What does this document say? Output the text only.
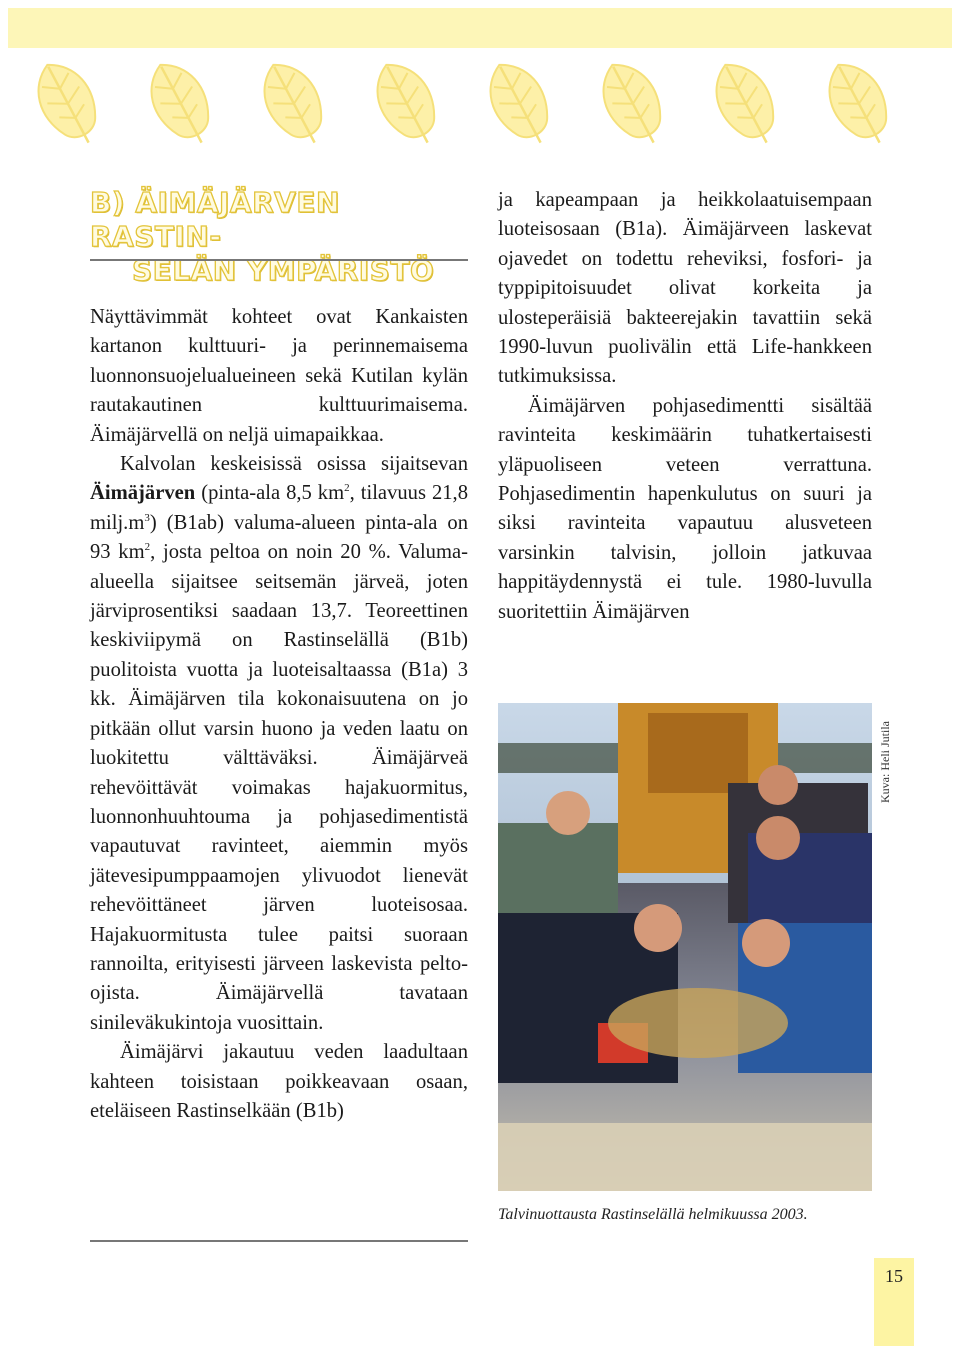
B) ÄIMÄJÄRVEN RASTIN-
SELÄN YMPÄRISTÖ

Näyttävimmät kohteet ovat Kankaisten kartanon kulttuuri- ja perinnemaisema luonnonsuojelualueineen sekä Kutilan kylän rautakautinen kulttuurimaisema. Äimäjärvellä on neljä uimapaikkaa.

Kalvolan keskeisissä osissa sijaitsevan Äimäjärven (pinta-ala 8,5 $km^2$, tilavuus 21,8 $milj.m^3$) (B1ab) valuma-alueen pinta-ala on 93 $km^2$, josta peltoa on noin 20 %. Valuma-alueella sijaitsee seitsemän järveä, joten järviprosentiksi saadaan 13,7. Teoreettinen keskiviipymä on Rastinselällä (B1b) puolitoista vuotta ja luoteisaltaassa (B1a) 3 kk. Äimäjärven tila kokonaisuutena on jo pitkään ollut varsin huono ja veden laatu on luokitettu välttäväksi. Äimäjärveä rehevöittävät voimakas hajakuormitus, luonnonhuuhtouma ja pohjasedimentistä vapautuvat ravinteet, aiemmin myös jätevesipumppaamojen ylivuodot lienevät rehevöittäneet järven luoteisosaa. Hajakuormitusta tulee paitsi suoraan rannoilta, erityisesti järveen laskevista pelto-ojista. Äimäjärvellä tavataan sinileväkukintoja vuosittain.

Äimäjärvi jakautuu veden laadultaan kahteen toisistaan poikkeavaan osaan, eteläiseen Rastinselkään (B1b)

ja kapeampaan ja heikkolaatuisempaan luoteisosaan (B1a). Äimäjärveen laskevat ojavedet on todettu reheviksi, fosfori- ja typpipitoisuudet olivat korkeita ja ulosteperäisiä bakteerejakin tavattiin sekä 1990-luvun puolivälin että Life-hankkeen tutkimuksissa.

Äimäjärven pohjasedimentti sisältää ravinteita keskimäärin tuhatkertaisesti yläpuoliseen veteen verrattuna. Pohjasedimentin hapenkulutus on suuri ja siksi ravinteita vapautuu alusveteen varsinkin talvisin, jolloin jatkuvaa happitäydennystä ei tule. 1980-luvulla suoritettiin Äimäjärven

Kuva: Heli Jutila
Talvinuottausta Rastinselällä helmikuussa 2003.
15
